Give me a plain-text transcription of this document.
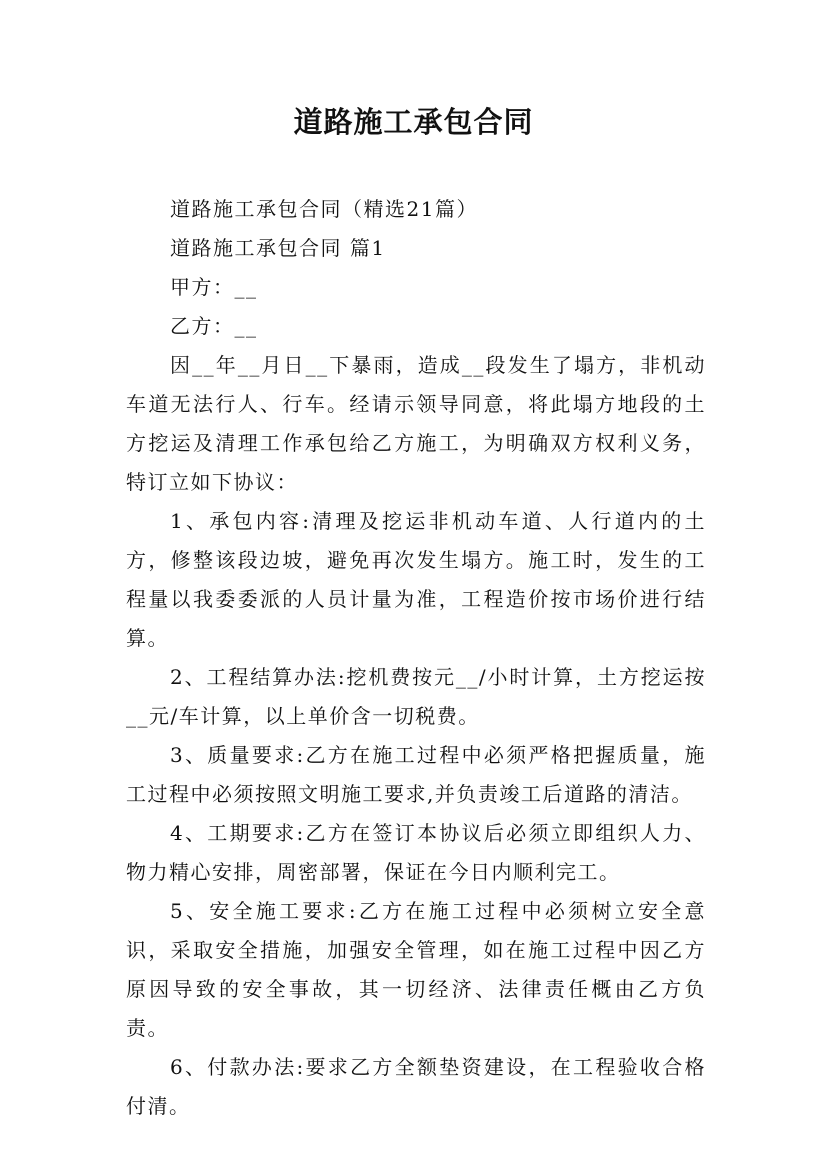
道路施工承包合同

道路施工承包合同（精选21篇）

道路施工承包合同 篇1

甲方：__

乙方：__

因__年__月日__下暴雨，造成__段发生了塌方，非机动车道无法行人、行车。经请示领导同意，将此塌方地段的土方挖运及清理工作承包给乙方施工，为明确双方权利义务，特订立如下协议：

1、承包内容:清理及挖运非机动车道、人行道内的土方，修整该段边坡，避免再次发生塌方。施工时，发生的工程量以我委委派的人员计量为准，工程造价按市场价进行结算。

2、工程结算办法:挖机费按元__/小时计算，土方挖运按__元/车计算，以上单价含一切税费。

3、质量要求:乙方在施工过程中必须严格把握质量，施工过程中必须按照文明施工要求,并负责竣工后道路的清洁。

4、工期要求:乙方在签订本协议后必须立即组织人力、物力精心安排，周密部署，保证在今日内顺利完工。

5、安全施工要求:乙方在施工过程中必须树立安全意识，采取安全措施，加强安全管理，如在施工过程中因乙方原因导致的安全事故，其一切经济、法律责任概由乙方负责。

6、付款办法:要求乙方全额垫资建设，在工程验收合格付清。
